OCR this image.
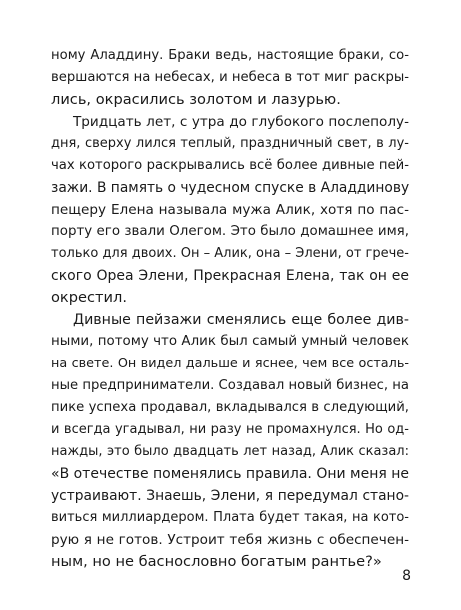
ному Аладдину. Браки ведь, настоящие браки, со-
вершаются на небесах, и небеса в тот миг раскры-
лись, окрасились золотом и лазурью.
Тридцать лет, с утра до глубокого послеполу-
дня, сверху лился теплый, праздничный свет, в лу-
чах которого раскрывались всё более дивные пей-
зажи. В память о чудесном спуске в Аладдинову
пещеру Елена называла мужа Алик, хотя по пас-
порту его звали Олегом. Это было домашнее имя,
только для двоих. Он – Алик, она – Элени, от грече-
ского Ореа Элени, Прекрасная Елена, так он ее
окрестил.
Дивные пейзажи сменялись еще более див-
ными, потому что Алик был самый умный человек
на свете. Он видел дальше и яснее, чем все осталь-
ные предприниматели. Создавал новый бизнес, на
пике успеха продавал, вкладывался в следующий,
и всегда угадывал, ни разу не промахнулся. Но од-
нажды, это было двадцать лет назад, Алик сказал:
«В отечестве поменялись правила. Они меня не
устраивают. Знаешь, Элени, я передумал стано-
виться миллиардером. Плата будет такая, на кото-
рую я не готов. Устроит тебя жизнь с обеспечен-
ным, но не баснословно богатым рантье?»
8
